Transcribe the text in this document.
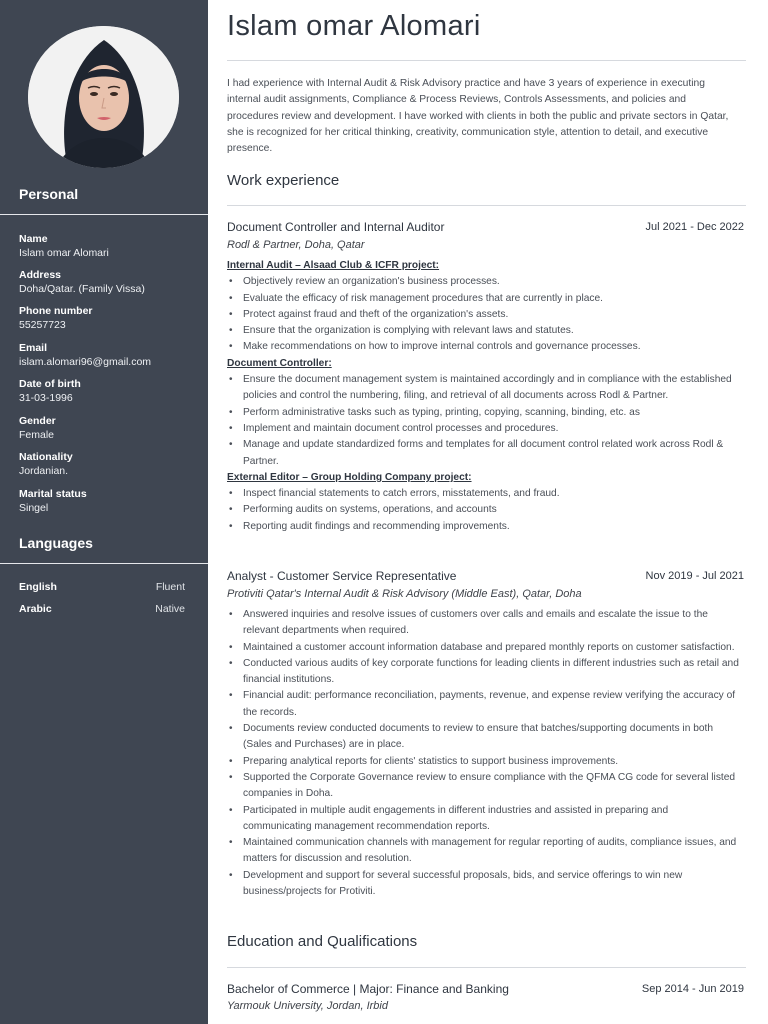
Personal
Name
Islam omar Alomari
Address
Doha/Qatar. (Family Vissa)
Phone number
55257723
Email
islam.alomari96@gmail.com
Date of birth
31-03-1996
Gender
Female
Nationality
Jordanian.
Marital status
Singel
Languages
English	Fluent
Arabic	Native
Islam omar Alomari
I had experience with Internal Audit & Risk Advisory practice and have 3 years of experience in executing internal audit assignments, Compliance & Process Reviews, Controls Assessments, and policies and procedures review and development. I have worked with clients in both the public and private sectors in Qatar, she is recognized for her critical thinking, creativity, communication style, attention to detail, and executive presence.
Work experience
Document Controller and Internal Auditor	Jul 2021 - Dec 2022
Rodl & Partner, Doha, Qatar
Internal Audit – Alsaad Club & ICFR project:
• Objectively review an organization's business processes.
• Evaluate the efficacy of risk management procedures that are currently in place.
• Protect against fraud and theft of the organization's assets.
• Ensure that the organization is complying with relevant laws and statutes.
• Make recommendations on how to improve internal controls and governance processes.
Document Controller:
• Ensure the document management system is maintained accordingly and in compliance with the established policies and control the numbering, filing, and retrieval of all documents across Rodl & Partner.
• Perform administrative tasks such as typing, printing, copying, scanning, binding, etc. as
• Implement and maintain document control processes and procedures.
• Manage and update standardized forms and templates for all document control related work across Rodl & Partner.
External Editor – Group Holding Company project:
• Inspect financial statements to catch errors, misstatements, and fraud.
• Performing audits on systems, operations, and accounts
• Reporting audit findings and recommending improvements.
Analyst - Customer Service Representative	Nov 2019 - Jul 2021
Protiviti Qatar's Internal Audit & Risk Advisory (Middle East), Qatar, Doha
• Answered inquiries and resolve issues of customers over calls and emails and escalate the issue to the relevant departments when required.
• Maintained a customer account information database and prepared monthly reports on customer satisfaction.
• Conducted various audits of key corporate functions for leading clients in different industries such as retail and financial institutions.
• Financial audit: performance reconciliation, payments, revenue, and expense review verifying the accuracy of the records.
• Documents review conducted documents to review to ensure that batches/supporting documents in both (Sales and Purchases) are in place.
• Preparing analytical reports for clients' statistics to support business improvements.
• Supported the Corporate Governance review to ensure compliance with the QFMA CG code for several listed companies in Doha.
• Participated in multiple audit engagements in different industries and assisted in preparing and communicating management recommendation reports.
• Maintained communication channels with management for regular reporting of audits, compliance issues, and matters for discussion and resolution.
• Development and support for several successful proposals, bids, and service offerings to win new business/projects for Protiviti.
Education and Qualifications
Bachelor of Commerce | Major: Finance and Banking	Sep 2014 - Jun 2019
Yarmouk University, Jordan, Irbid
